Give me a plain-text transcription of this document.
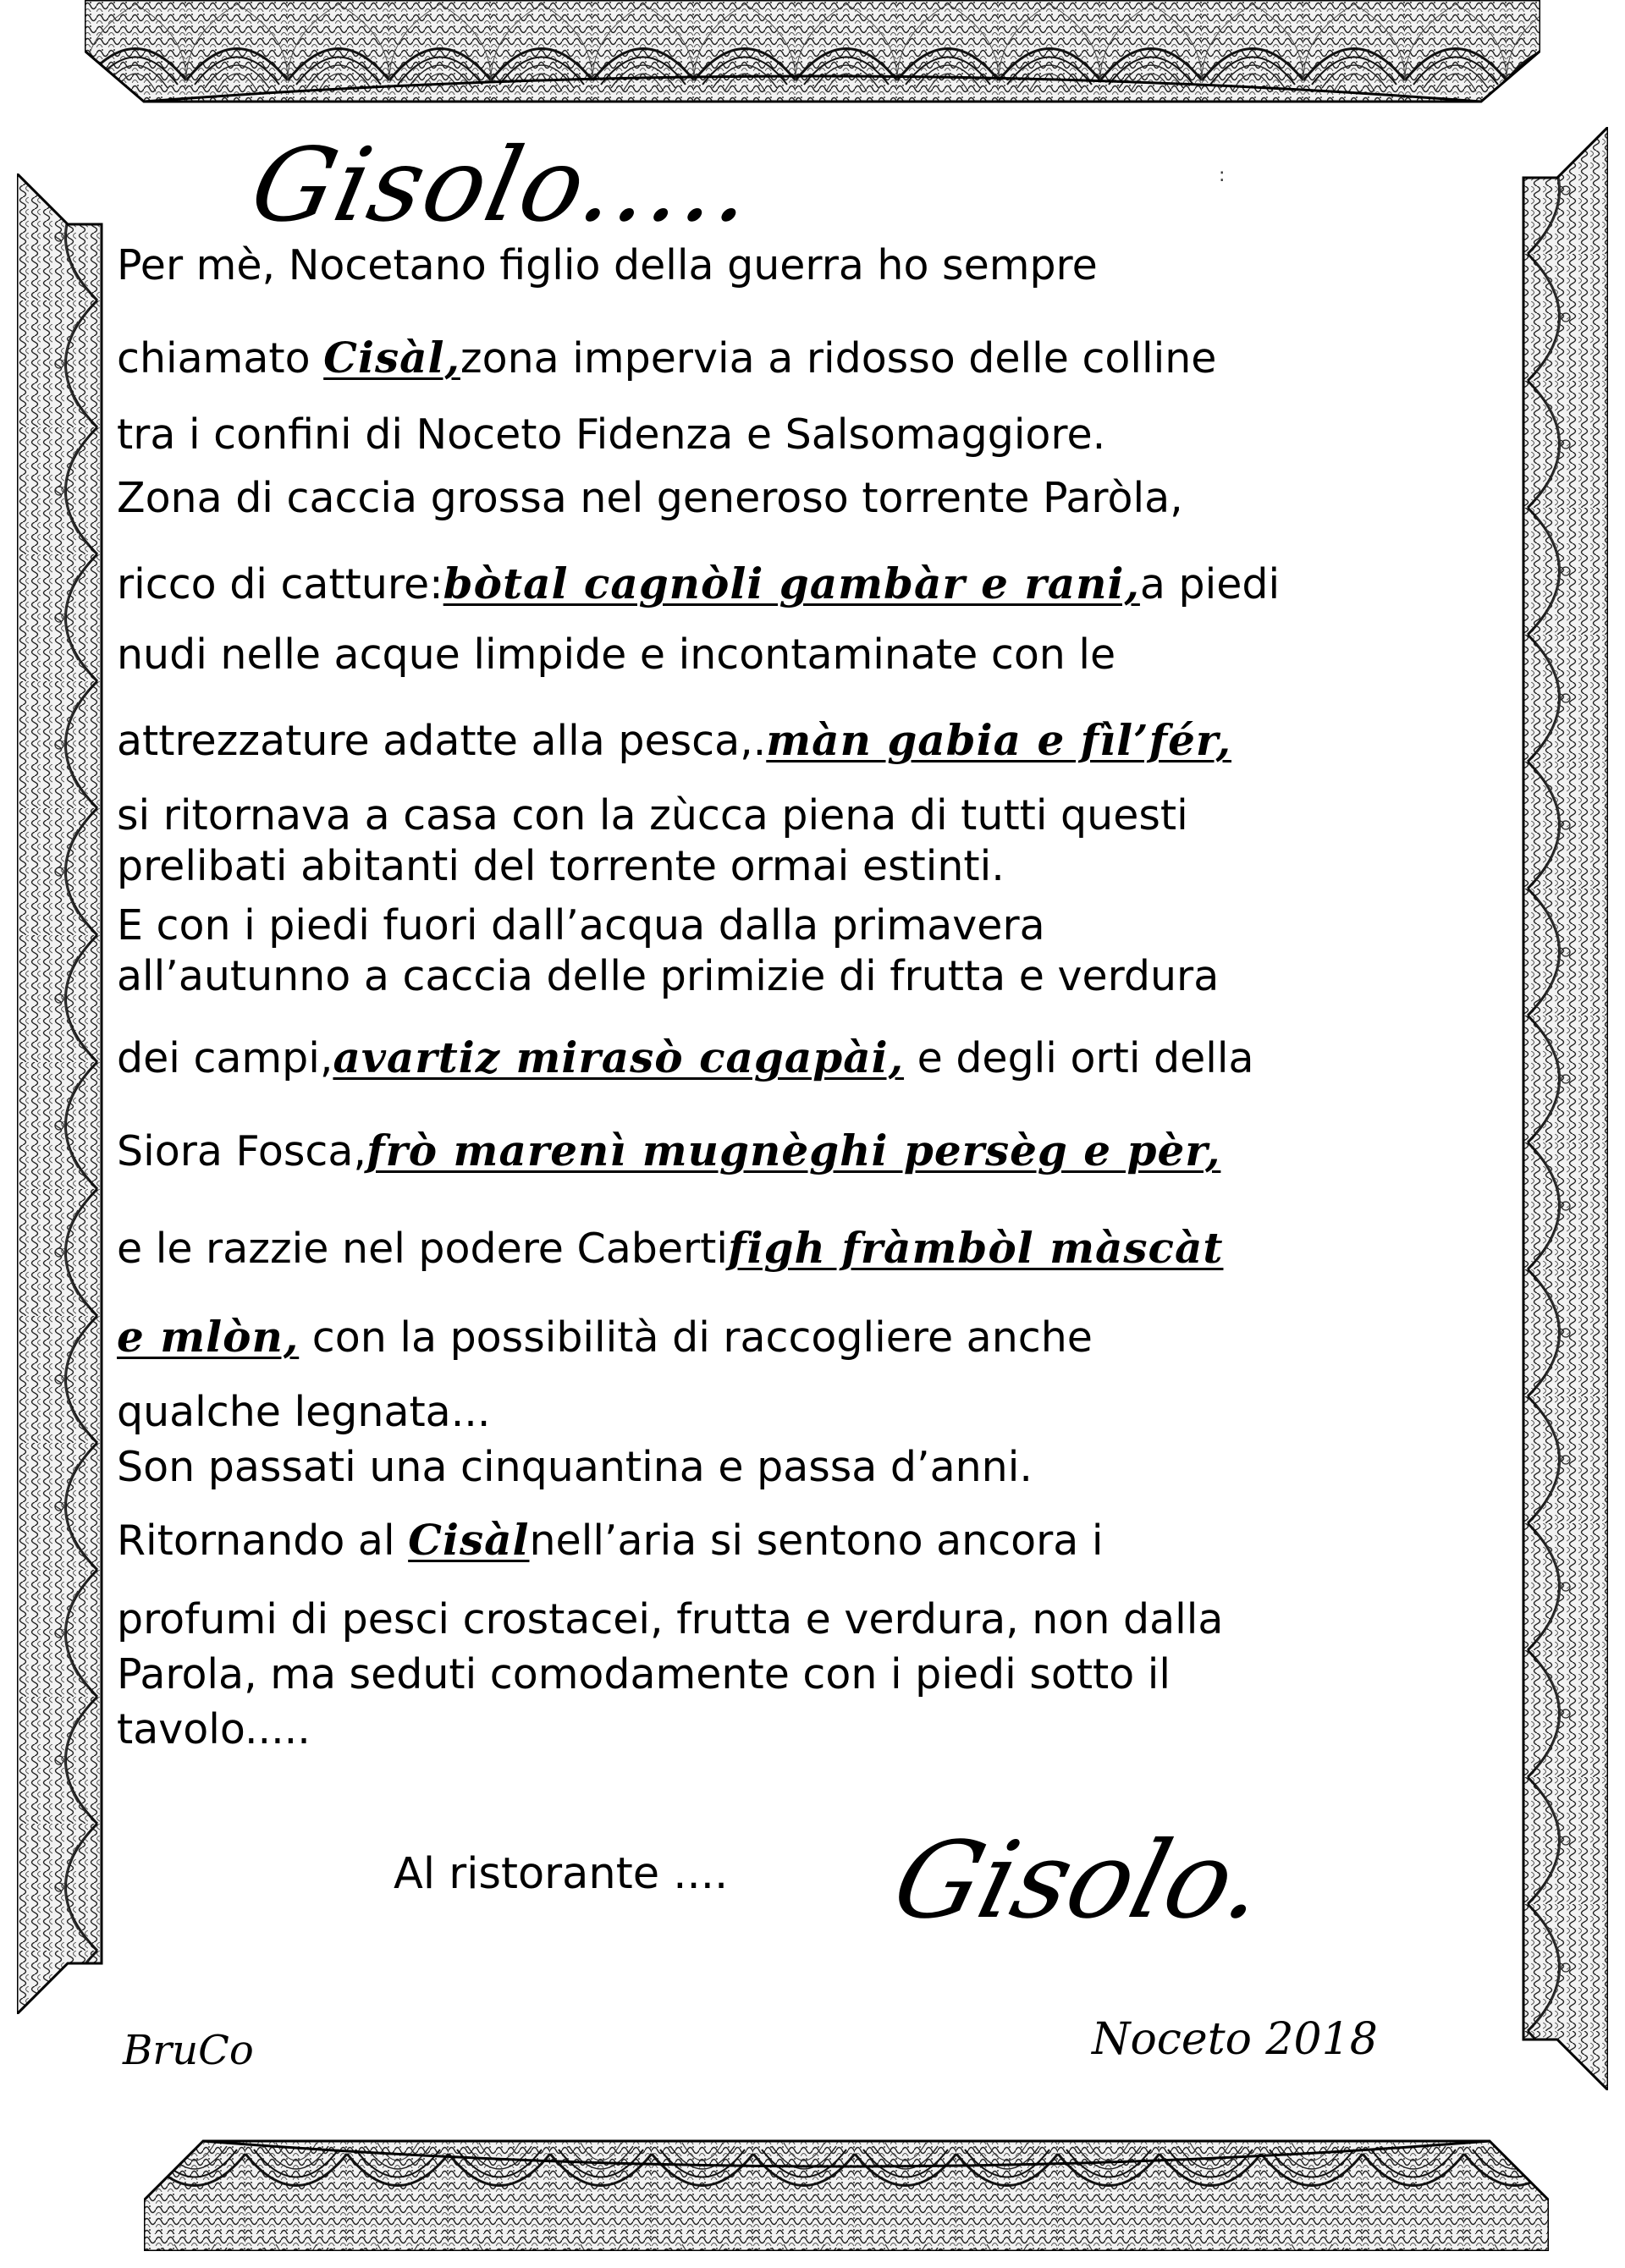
:
Gisolo.....
Per mè, Nocetano figlio della guerra ho sempre
chiamato Cisàl,zona impervia a ridosso delle colline
tra i confini di Noceto Fidenza e Salsomaggiore.
Zona di caccia grossa nel generoso torrente Paròla,
ricco di catture:bòtal cagnòli gambàr e rani,a piedi
nudi nelle acque limpide e incontaminate con le
attrezzature adatte alla pesca,.màn gabia e fìl’fér,
si ritornava a casa con la zùcca piena di tutti questi
prelibati abitanti del torrente ormai estinti.
E con i piedi fuori dall’acqua dalla primavera
all’autunno a caccia delle primizie di frutta e verdura
dei campi,avartiz mirasò cagapài, e degli orti della
Siora Fosca,frò marenì mugnèghi persèg e pèr,
e le razzie nel podere Cabertifigh fràmbòl màscàt
e mlòn, con la possibilità di raccogliere anche
qualche legnata...
Son passati una cinquantina e passa d’anni.
Ritornando al Cisàlnell’aria si sentono ancora i
profumi di pesci crostacei, frutta e verdura, non dalla
Parola, ma seduti comodamente con i piedi sotto il
tavolo.....
Al ristorante .... Gisolo.
BruCo	Noceto 2018
